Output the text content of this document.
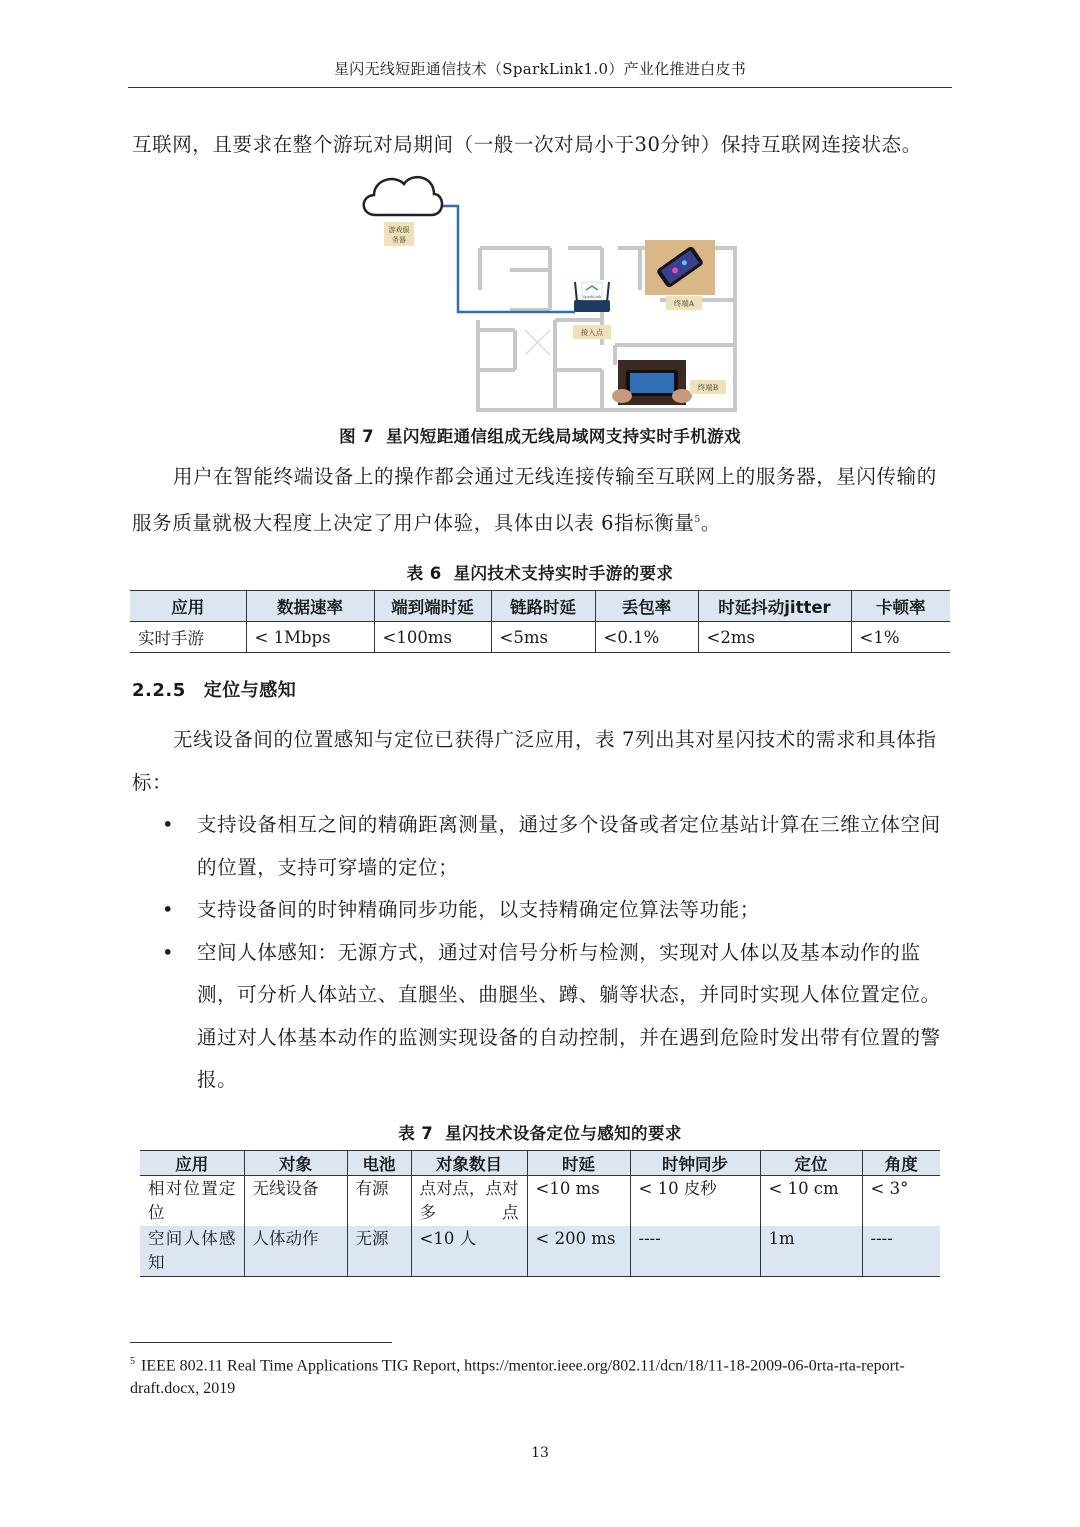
星闪无线短距通信技术（SparkLink1.0）产业化推进白皮书

互联网，且要求在整个游玩对局期间（一般一次对局小于30分钟）保持互联网连接状态。

游戏服
务器
SparkLink
接入点
终端A
终端B
图 7 星闪短距通信组成无线局域网支持实时手机游戏

用户在智能终端设备上的操作都会通过无线连接传输至互联网上的服务器，星闪传输的服务质量就极大程度上决定了用户体验，具体由以表 6指标衡量$^5$。

表 6 星闪技术支持实时手游的要求
应用	数据速率	端到端时延	链路时延	丢包率	时延抖动jitter	卡顿率
实时手游	< 1Mbps	<100ms	<5ms	<0.1%	<2ms	<1%
2.2.5 定位与感知

无线设备间的位置感知与定位已获得广泛应用，表 7列出其对星闪技术的需求和具体指标：

• 支持设备相互之间的精确距离测量，通过多个设备或者定位基站计算在三维立体空间的位置，支持可穿墙的定位；
• 支持设备间的时钟精确同步功能，以支持精确定位算法等功能；
• 空间人体感知：无源方式，通过对信号分析与检测，实现对人体以及基本动作的监测，可分析人体站立、直腿坐、曲腿坐、蹲、躺等状态，并同时实现人体位置定位。通过对人体基本动作的监测实现设备的自动控制，并在遇到危险时发出带有位置的警报。
表 7 星闪技术设备定位与感知的要求
应用	对象	电池	对象数目	时延	时钟同步	定位	角度
相对位置定位	无线设备	有源	点对点，点对多点	<10 ms	< 10 皮秒	< 10 cm	< 3°
空间人体感知	人体动作	无源	<10 人	< 200 ms	----	1m	----
$^5$ IEEE 802.11 Real Time Applications TIG Report, https://mentor.ieee.org/802.11/dcn/18/11-18-2009-06-0rta-rta-report-draft.docx, 2019
13
